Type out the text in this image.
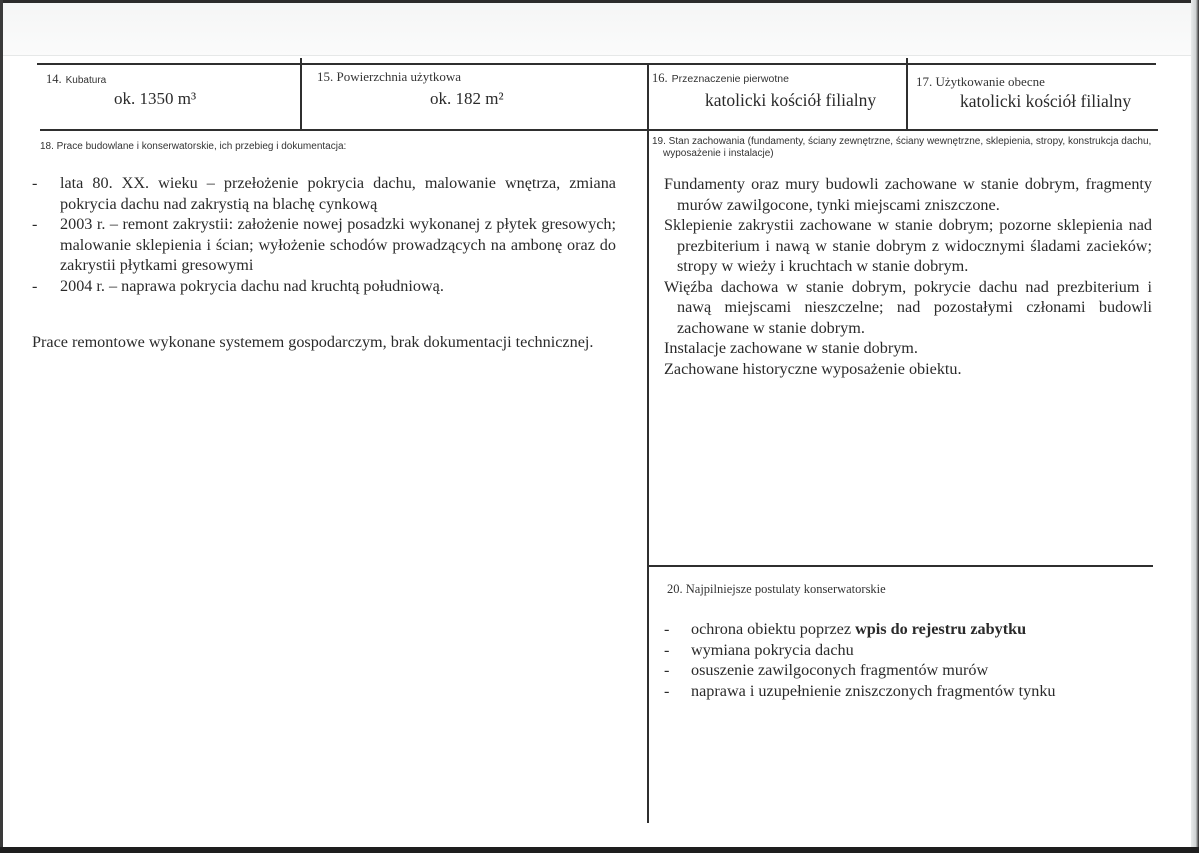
14. Kubatura
ok. 1350 m³
15. Powierzchnia użytkowa
ok. 182 m²
16. Przeznaczenie pierwotne
katolicki kościół filialny
17. Użytkowanie obecne
katolicki kościół filialny
18. Prace budowlane i konserwatorskie, ich przebieg i dokumentacja:
- lata 80. XX. wieku – przełożenie pokrycia dachu, malowanie wnętrza, zmiana pokrycia dachu nad zakrystią na blachę cynkową
- 2003 r. – remont zakrystii: założenie nowej posadzki wykonanej z płytek gresowych; malowanie sklepienia i ścian; wyłożenie schodów prowadzących na ambonę oraz do zakrystii płytkami gresowymi
- 2004 r. – naprawa pokrycia dachu nad kruchtą południową.

Prace remontowe wykonane systemem gospodarczym, brak dokumentacji technicznej.

19. Stan zachowania (fundamenty, ściany zewnętrzne, ściany wewnętrzne, sklepienia, stropy, konstrukcja dachu, wyposażenie i instalacje)

Fundamenty oraz mury budowli zachowane w stanie dobrym, fragmenty murów zawilgocone, tynki miejscami zniszczone.

Sklepienie zakrystii zachowane w stanie dobrym; pozorne sklepienia nad prezbiterium i nawą w stanie dobrym z widocznymi śladami zacieków; stropy w wieży i kruchtach w stanie dobrym.

Więźba dachowa w stanie dobrym, pokrycie dachu nad prezbiterium i nawą miejscami nieszczelne; nad pozostałymi członami budowli zachowane w stanie dobrym.

Instalacje zachowane w stanie dobrym.

Zachowane historyczne wyposażenie obiektu.

20. Najpilniejsze postulaty konserwatorskie
- ochrona obiektu poprzez wpis do rejestru zabytku
- wymiana pokrycia dachu
- osuszenie zawilgoconych fragmentów murów
- naprawa i uzupełnienie zniszczonych fragmentów tynku
